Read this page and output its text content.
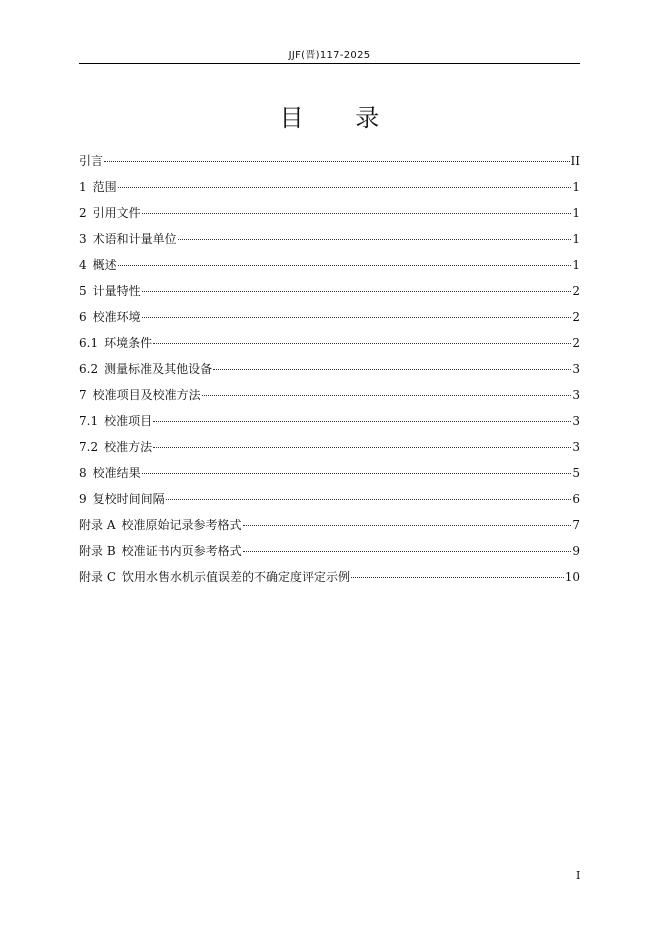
JJF(晋)117-2025
目 录
引言	II
1 范围	1
2 引用文件	1
3 术语和计量单位	1
4 概述	1
5 计量特性	2
6 校准环境	2
6.1 环境条件	2
6.2 测量标准及其他设备	3
7 校准项目及校准方法	3
7.1 校准项目	3
7.2 校准方法	3
8 校准结果	5
9 复校时间间隔	6
附录 A 校准原始记录参考格式	7
附录 B 校准证书内页参考格式	9
附录 C 饮用水售水机示值误差的不确定度评定示例	10
I
